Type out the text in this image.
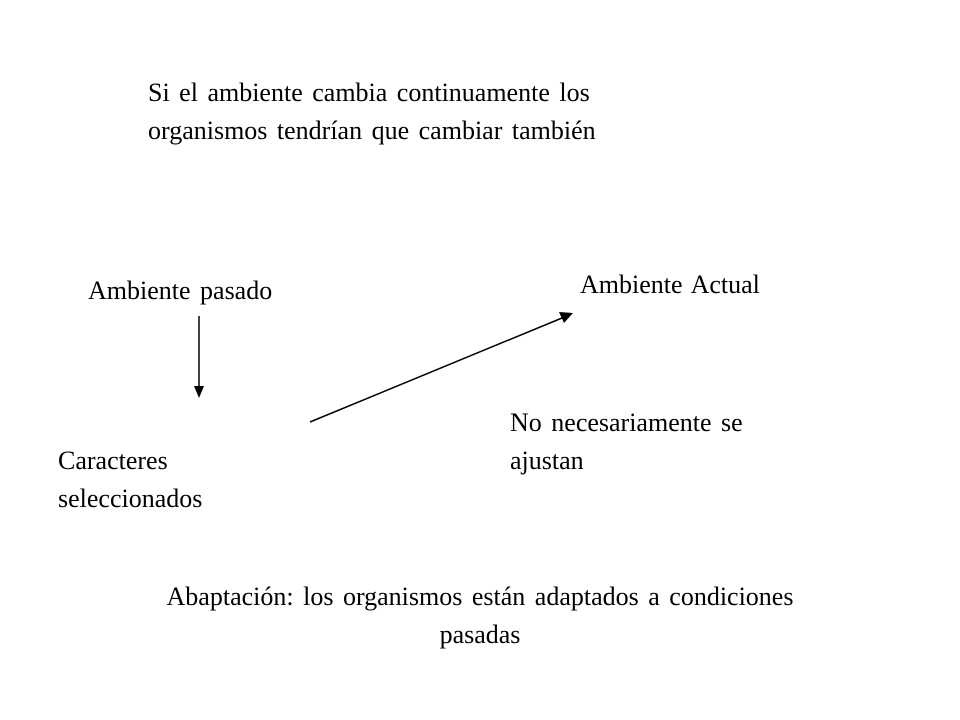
Si el ambiente cambia continuamente los
organismos tendrían que cambiar también
Ambiente pasado	Ambiente Actual
Caracteres
seleccionados
No necesariamente se
ajustan
Abaptación: los organismos están adaptados a condiciones
pasadas
